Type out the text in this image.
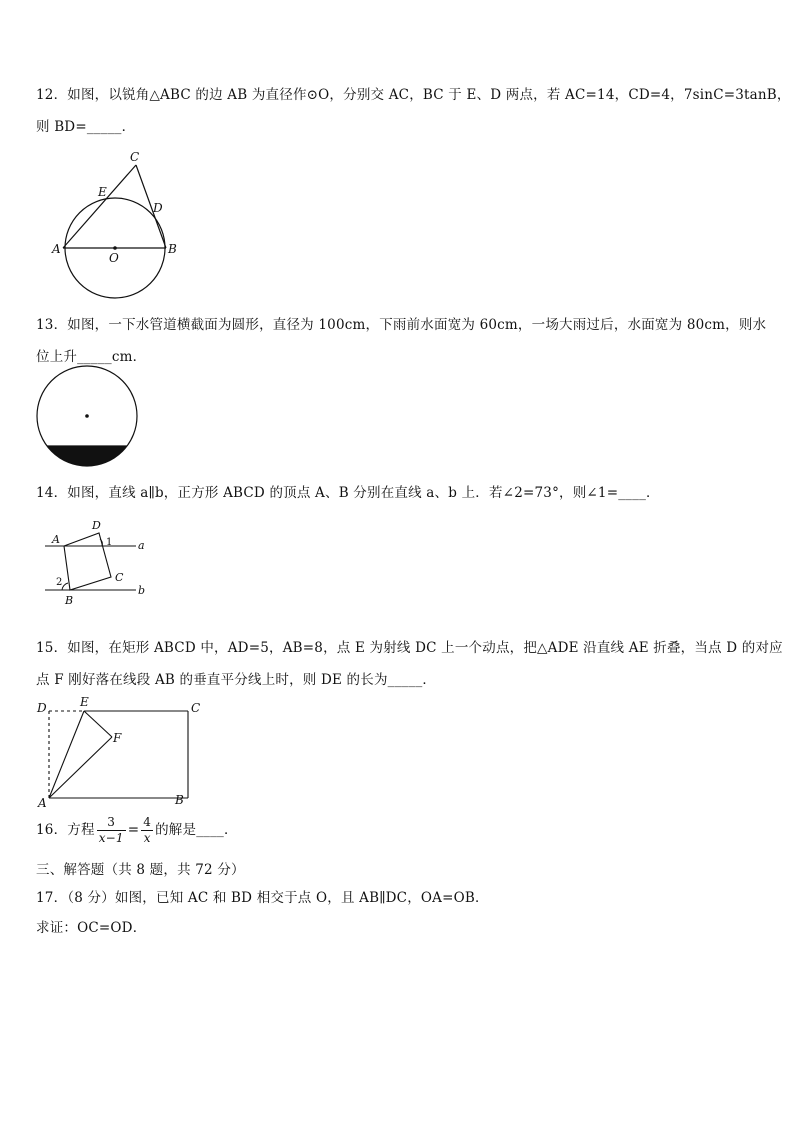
12．如图，以锐角△ABC 的边 AB 为直径作⊙O，分别交 AC，BC 于 E、D 两点，若 AC=14，CD=4，7sinC=3tanB，
则 BD=_____．
C
E
D
A
O
B
13．如图，一下水管道横截面为圆形，直径为 100cm，下雨前水面宽为 60cm，一场大雨过后，水面宽为 80cm，则水
位上升_____cm．
14．如图，直线 a∥b，正方形 ABCD 的顶点 A、B 分别在直线 a、b 上．若∠2=73°，则∠1=____．
A
D
1 a
2	C
B
b
15．如图，在矩形 ABCD 中，AD=5，AB=8，点 E 为射线 DC 上一个动点，把△ADE 沿直线 AE 折叠，当点 D 的对应
点 F 刚好落在线段 AB 的垂直平分线上时，则 DE 的长为_____．
D	E	C
F
A	B
16．方程 $\frac{3}{x-1} = \frac{4}{x}$ 的解是____．
三、解答题（共 8 题，共 72 分）
17．（8 分）如图，已知 AC 和 BD 相交于点 O，且 AB∥DC，OA=OB．
求证：OC=OD．
